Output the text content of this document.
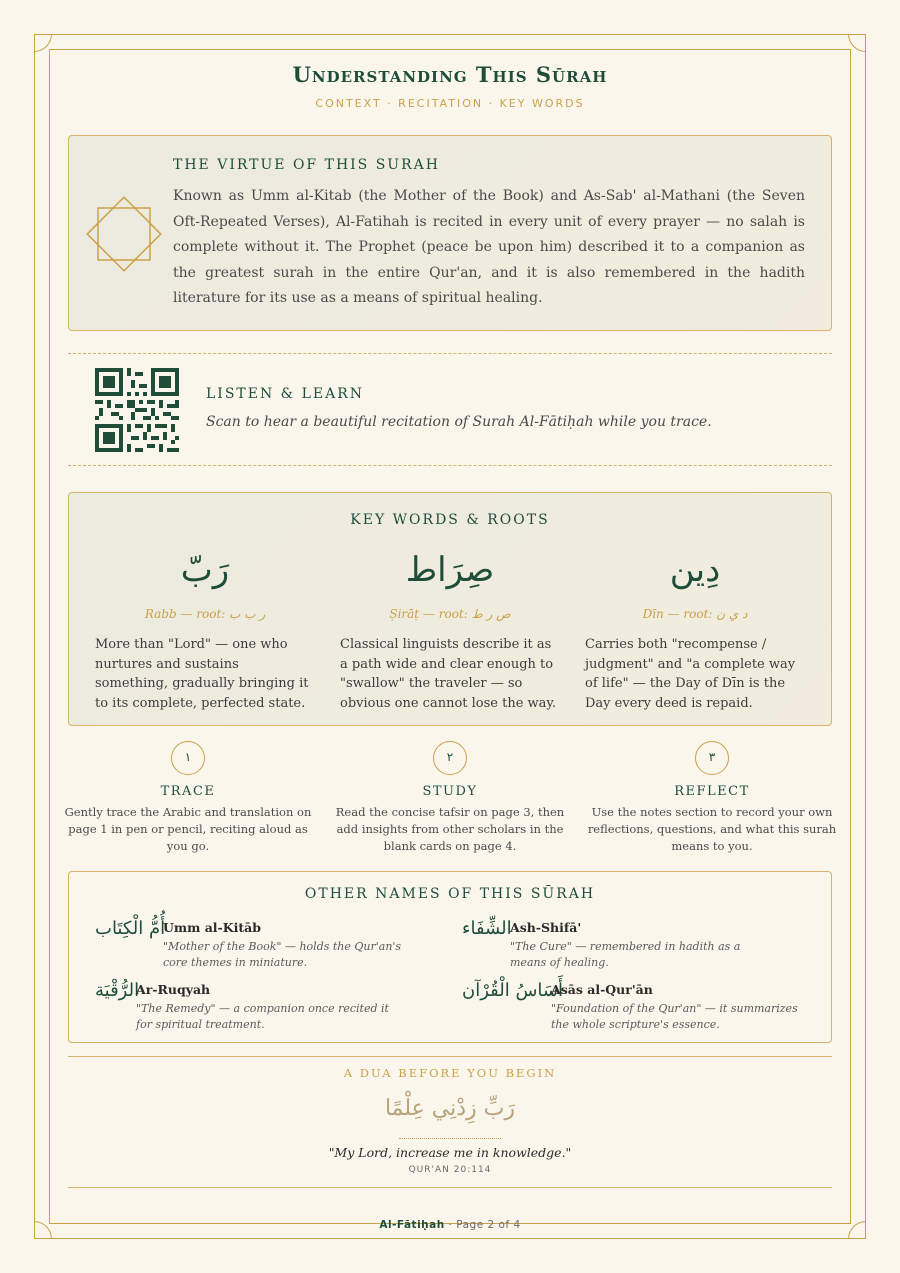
Understanding This Sūrah
CONTEXT · RECITATION · KEY WORDS
THE VIRTUE OF THIS SURAH
Known as Umm al-Kitab (the Mother of the Book) and As-Sab' al-Mathani (the Seven Oft-Repeated Verses), Al-Fatihah is recited in every unit of every prayer — no salah is complete without it. The Prophet (peace be upon him) described it to a companion as the greatest surah in the entire Qur'an, and it is also remembered in the hadith literature for its use as a means of spiritual healing.
LISTEN & LEARN
Scan to hear a beautiful recitation of Surah Al-Fātiḥah while you trace.
KEY WORDS & ROOTS
رَبّ
Rabb — root: ر ب ب
More than "Lord" — one who nurtures and sustains something, gradually bringing it to its complete, perfected state.
صِرَاط
Ṣirāṭ — root: ص ر ط
Classical linguists describe it as a path wide and clear enough to "swallow" the traveler — so obvious one cannot lose the way.
دِين
Dīn — root: د ي ن
Carries both "recompense / judgment" and "a complete way of life" — the Day of Dīn is the Day every deed is repaid.
١
TRACE
Gently trace the Arabic and translation on page 1 in pen or pencil, reciting aloud as you go.
٢
STUDY
Read the concise tafsir on page 3, then add insights from other scholars in the blank cards on page 4.
٣
REFLECT
Use the notes section to record your own reflections, questions, and what this surah means to you.
OTHER NAMES OF THIS SŪRAH
أُمُّ الْكِتَاب
Umm al-Kitāb
"Mother of the Book" — holds the Qur'an's core themes in miniature.
الشِّفَاء
Ash-Shifā'
"The Cure" — remembered in hadith as a means of healing.
الرُّقْيَة
Ar-Ruqyah
"The Remedy" — a companion once recited it for spiritual treatment.
أَسَاسُ الْقُرْآن
Asās al-Qur'ān
"Foundation of the Qur'an" — it summarizes the whole scripture's essence.
A DUA BEFORE YOU BEGIN
رَبِّ زِدْنِي عِلْمًا
"My Lord, increase me in knowledge."
QUR'AN 20:114
Al-Fātiḥah · Page 2 of 4
